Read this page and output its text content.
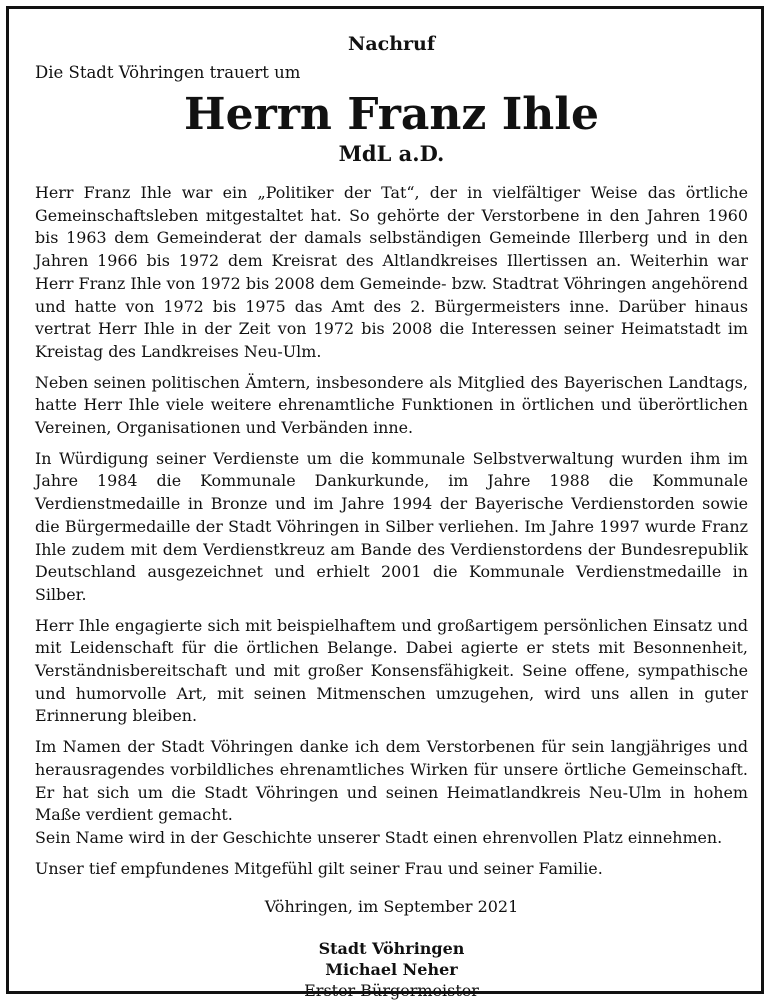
Nachruf
Die Stadt Vöhringen trauert um
Herrn Franz Ihle
MdL a.D.

Herr Franz Ihle war ein „Politiker der Tat“, der in vielfältiger Weise das örtliche Gemeinschaftsleben mitgestaltet hat. So gehörte der Verstorbene in den Jahren 1960 bis 1963 dem Gemeinderat der damals selbständigen Gemeinde Illerberg und in den Jahren 1966 bis 1972 dem Kreisrat des Altlandkreises Illertissen an. Weiterhin war Herr Franz Ihle von 1972 bis 2008 dem Gemeinde- bzw. Stadtrat Vöhringen angehörend und hatte von 1972 bis 1975 das Amt des 2. Bürgermeisters inne. Darüber hinaus vertrat Herr Ihle in der Zeit von 1972 bis 2008 die Interessen seiner Heimatstadt im Kreistag des Landkreises Neu-Ulm.

Neben seinen politischen Ämtern, insbesondere als Mitglied des Bayerischen Landtags, hatte Herr Ihle viele weitere ehrenamtliche Funktionen in örtlichen und überörtlichen Vereinen, Organisationen und Verbänden inne.

In Würdigung seiner Verdienste um die kommunale Selbstverwaltung wurden ihm im Jahre 1984 die Kommunale Dankurkunde, im Jahre 1988 die Kommunale Verdienstmedaille in Bronze und im Jahre 1994 der Bayerische Verdienstorden sowie die Bürgermedaille der Stadt Vöhringen in Silber verliehen. Im Jahre 1997 wurde Franz Ihle zudem mit dem Verdienstkreuz am Bande des Verdienstordens der Bundesrepublik Deutschland ausgezeichnet und erhielt 2001 die Kommunale Verdienstmedaille in Silber.

Herr Ihle engagierte sich mit beispielhaftem und großartigem persönlichen Einsatz und mit Leidenschaft für die örtlichen Belange. Dabei agierte er stets mit Besonnenheit, Verständnisbereitschaft und mit großer Konsensfähigkeit. Seine offene, sympathische und humorvolle Art, mit seinen Mitmenschen umzugehen, wird uns allen in guter Erinnerung bleiben.

Im Namen der Stadt Vöhringen danke ich dem Verstorbenen für sein langjähriges und herausragendes vorbildliches ehrenamtliches Wirken für unsere örtliche Gemeinschaft. Er hat sich um die Stadt Vöhringen und seinen Heimatlandkreis Neu-Ulm in hohem Maße verdient gemacht.

Sein Name wird in der Geschichte unserer Stadt einen ehrenvollen Platz einnehmen.

Unser tief empfundenes Mitgefühl gilt seiner Frau und seiner Familie.

Vöhringen, im September 2021
Stadt Vöhringen
Michael Neher
Erster Bürgermeister
